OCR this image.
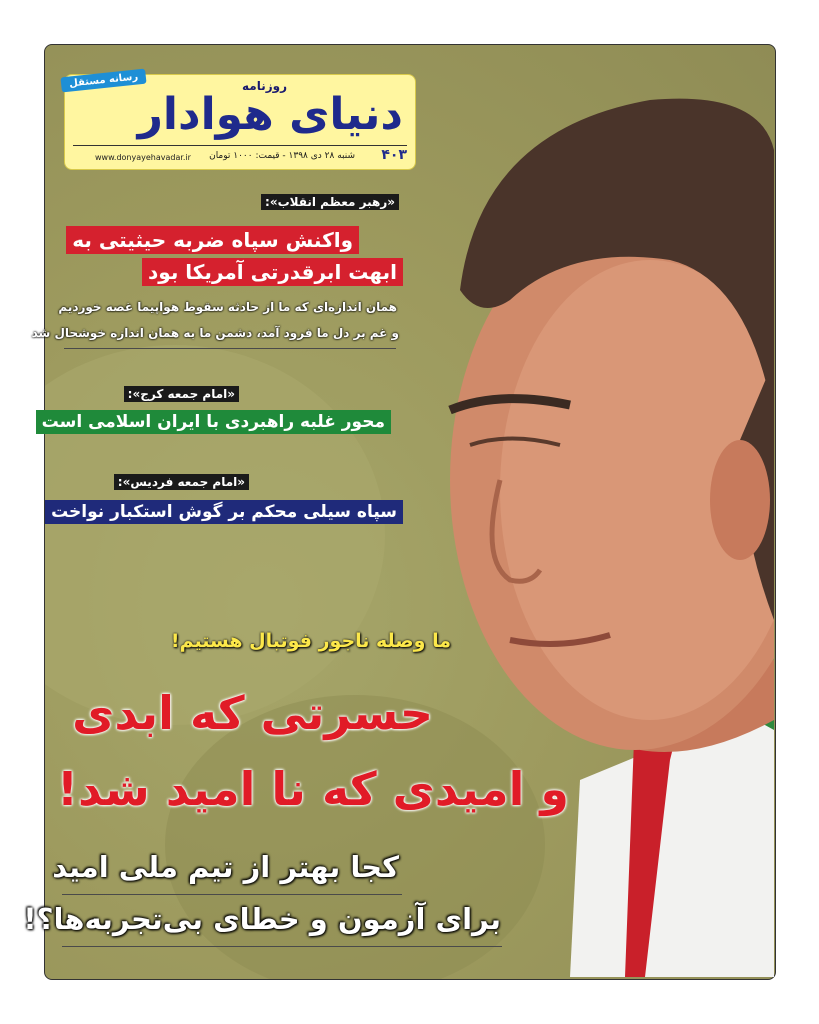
رسانه مستقل	روزنامه
دنیای هوادار
۴۰۳
شنبه ۲۸ دی ۱۳۹۸ - قیمت: ۱۰۰۰ تومان
www.donyayehavadar.ir
«رهبر معظم انقلاب»:
واکنش سپاه ضربه حیثیتی به
ابهت ابرقدرتی آمریکا بود
همان اندازه‌ای که ما از حادثه سقوط هواپیما غصه خوردیم
و غم بر دل ما فرود آمد، دشمن ما به همان اندازه خوشحال شد
«امام جمعه کرج»:
محور غلبه راهبردی با ایران اسلامی است
«امام جمعه فردیس»:
سپاه سیلی محکم بر گوش استکبار نواخت
ما وصله ناجور فوتبال هستیم!
حسرتی که ابدی
و امیدی که نا امید شد!
کجا بهتر از تیم ملی امید
برای آزمون و خطای بی‌تجربه‌ها؟!
